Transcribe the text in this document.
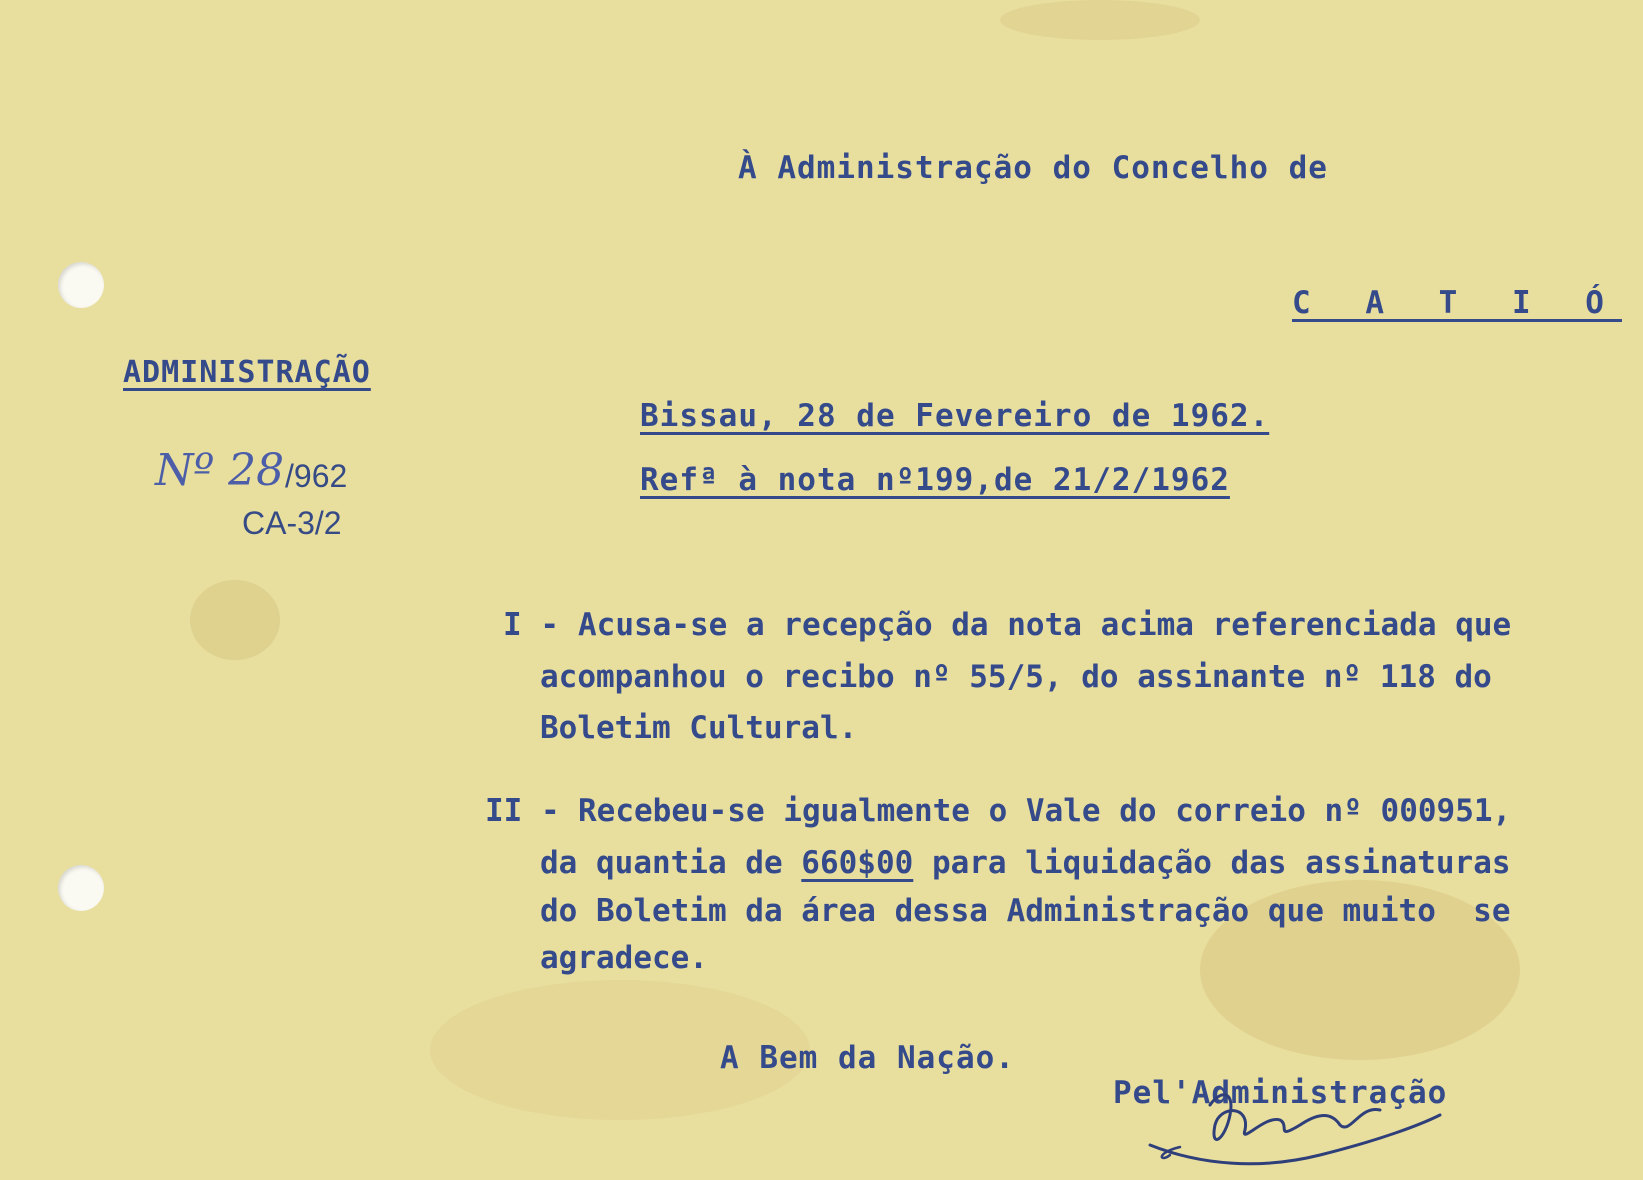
À Administração do Concelho de
C A T I Ó
ADMINISTRAÇÃO
Nº 28 /962
CA-3/2
Bissau, 28 de Fevereiro de 1962.
Refª à nota nº199,de 21/2/1962
I - Acusa-se a recepção da nota acima referenciada que
acompanhou o recibo nº 55/5, do assinante nº 118 do
Boletim Cultural.
II - Recebeu-se igualmente o Vale do correio nº 000951,
da quantia de 660$00 para liquidação das assinaturas
do Boletim da área dessa Administração que muito  se
agradece.
A Bem da Nação.
Pel'Administração
